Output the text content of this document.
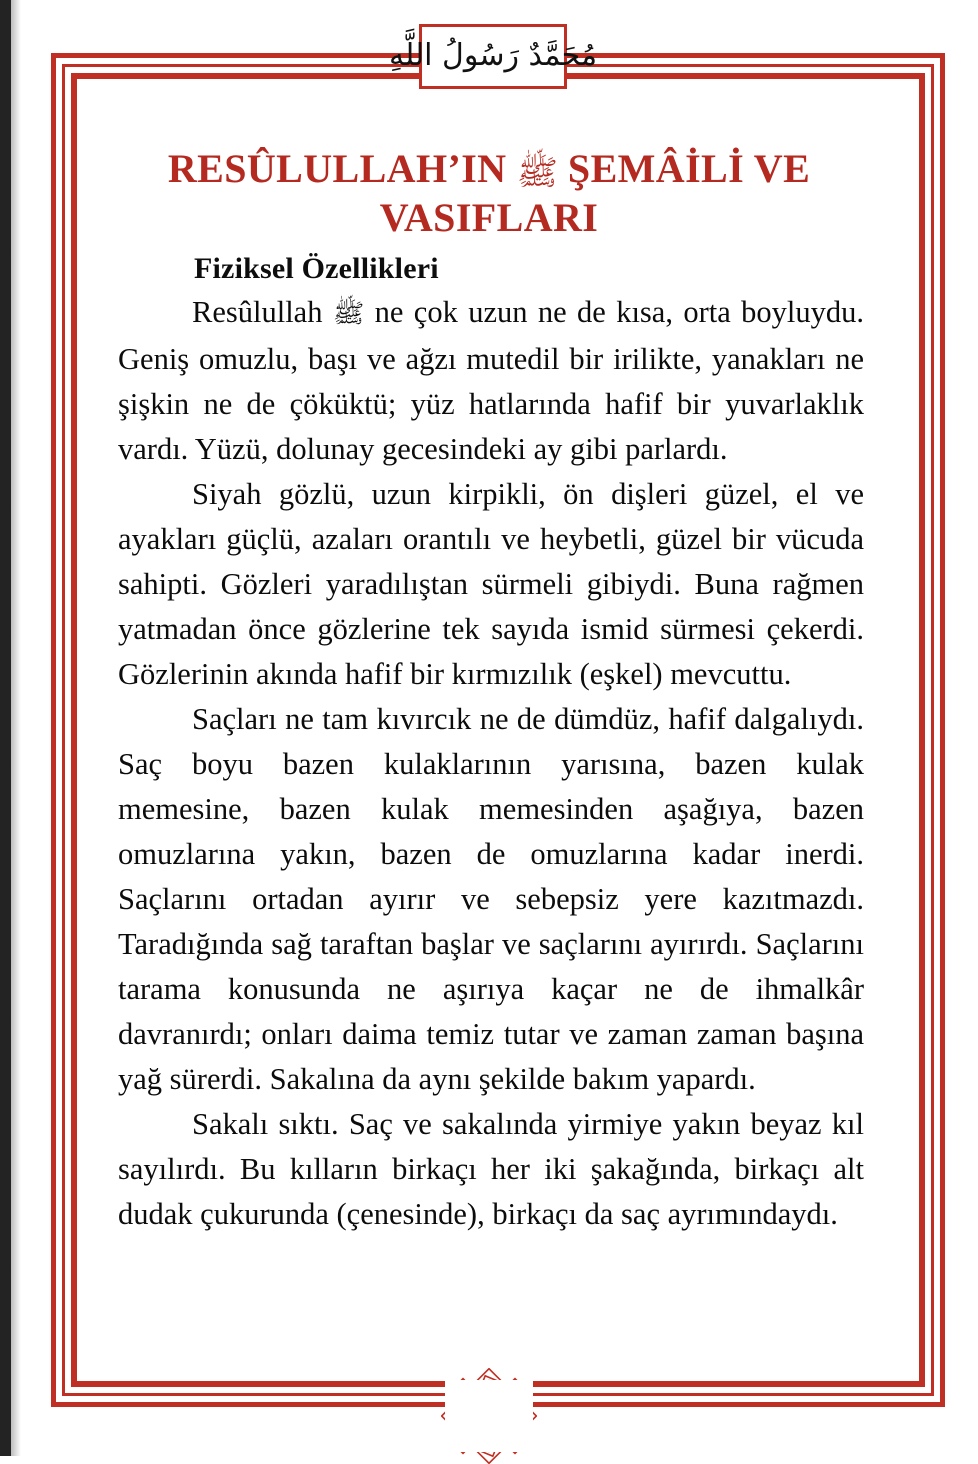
مُحَمَّدٌ رَسُولُ اللَّهِ
RESÛLULLAH’IN ﷺ ŞEMÂİLİ VE
VASIFLARI
Fiziksel Özellikleri

Resûlullah ﷺ ne çok uzun ne de kısa, orta boyluydu. Geniş omuzlu, başı ve ağzı mutedil bir irilikte, yanakları ne şişkin ne de çöküktü; yüz hatlarında hafif bir yuvarlaklık vardı. Yüzü, dolunay gecesindeki ay gibi parlardı.

Siyah gözlü, uzun kirpikli, ön dişleri güzel, el ve ayakları güçlü, azaları orantılı ve heybetli, güzel bir vücuda sahipti. Gözleri yaradılıştan sürmeli gibiydi. Buna rağmen yatmadan önce gözlerine tek sayıda ismid sürmesi çekerdi. Gözlerinin akında hafif bir kırmızılık (eşkel) mevcuttu.

Saçları ne tam kıvırcık ne de dümdüz, hafif dalgalıydı. Saç boyu bazen kulaklarının yarısına, bazen kulak memesine, bazen kulak memesinden aşağıya, bazen omuzlarına yakın, bazen de omuzlarına kadar inerdi. Saçlarını ortadan ayırır ve sebepsiz yere kazıtmazdı. Taradığında sağ taraftan başlar ve saçlarını ayırırdı. Saçlarını tarama konusunda ne aşırıya kaçar ne de ihmalkâr davranırdı; onları daima temiz tutar ve zaman zaman başına yağ sürerdi. Sakalına da aynı şekilde bakım yapardı.

Sakalı sıktı. Saç ve sakalında yirmiye yakın beyaz kıl sayılırdı. Bu kılların birkaçı her iki şakağında, birkaçı alt dudak çukurunda (çenesinde), birkaçı da saç ayrımındaydı.
